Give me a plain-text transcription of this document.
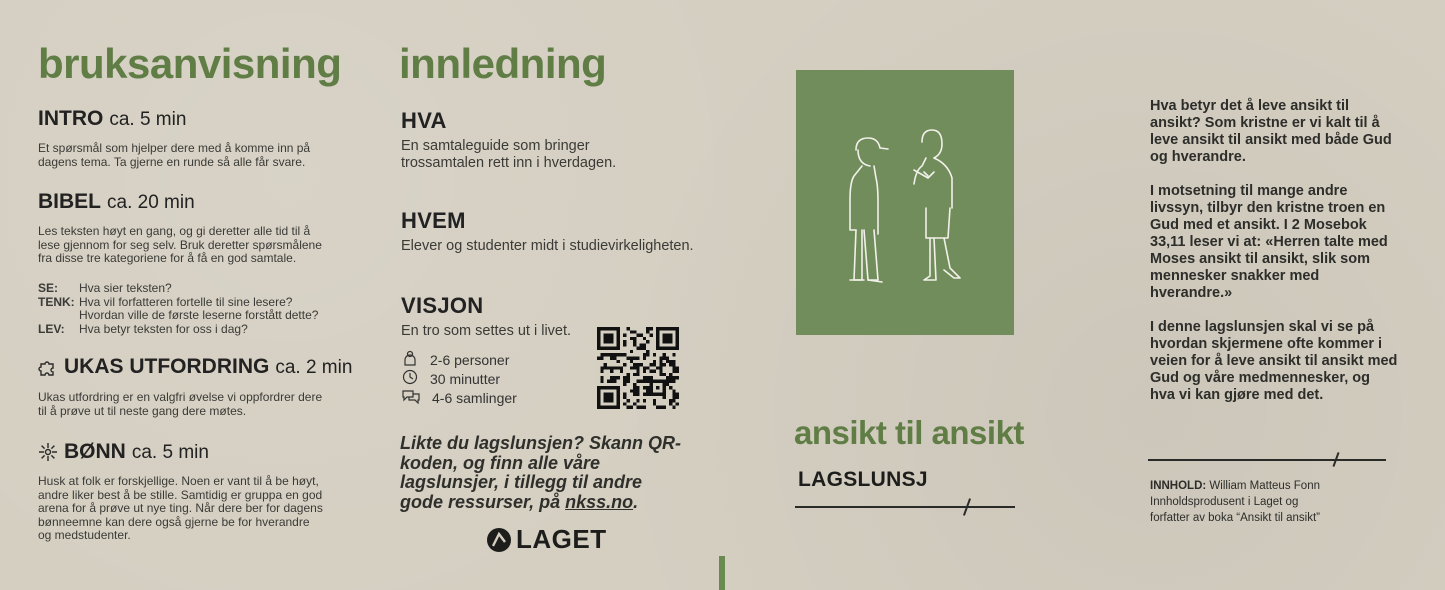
bruksanvisning
INTRO ca. 5 min
Et spørsmål som hjelper dere med å komme inn på dagens tema. Ta gjerne en runde så alle får svare.
BIBEL ca. 20 min
Les teksten høyt en gang, og gi deretter alle tid til å lese gjennom for seg selv. Bruk deretter spørsmålene fra disse tre kategoriene for å få en god samtale.
SE:	Hva sier teksten?
TENK: Hva vil forfatteren fortelle til sine lesere? Hvordan ville de første leserne forstått dette?
LEV:	Hva betyr teksten for oss i dag?
UKAS UTFORDRING ca. 2 min
Ukas utfordring er en valgfri øvelse vi oppfordrer dere til å prøve ut til neste gang dere møtes.
BØNN ca. 5 min
Husk at folk er forskjellige. Noen er vant til å be høyt, andre liker best å be stille. Samtidig er gruppa en god arena for å prøve ut nye ting. Når dere ber for dagens bønneemne kan dere også gjerne be for hverandre og medstudenter.
innledning
HVA
En samtaleguide som bringer trossamtalen rett inn i hverdagen.
HVEM
Elever og studenter midt i studievirkeligheten.
VISJON
En tro som settes ut i livet.
2-6 personer
30 minutter
4-6 samlinger
Likte du lagslunsjen? Skann QR-koden, og finn alle våre lagslunsjer, i tillegg til andre gode ressurser, på nkss.no.
LAGET
ansikt til ansikt
LAGSLUNSJ

Hva betyr det å leve ansikt til ansikt? Som kristne er vi kalt til å leve ansikt til ansikt med både Gud og hverandre.

I motsetning til mange andre livssyn, tilbyr den kristne troen en Gud med et ansikt. I 2 Mosebok 33,11 leser vi at: «Herren talte med Moses ansikt til ansikt, slik som mennesker snakker med hverandre.»

I denne lagslunsjen skal vi se på hvordan skjermene ofte kommer i veien for å leve ansikt til ansikt med Gud og våre medmennesker, og hva vi kan gjøre med det.

INNHOLD: William Matteus Fonn
Innholdsprodusent i Laget og
forfatter av boka “Ansikt til ansikt”
